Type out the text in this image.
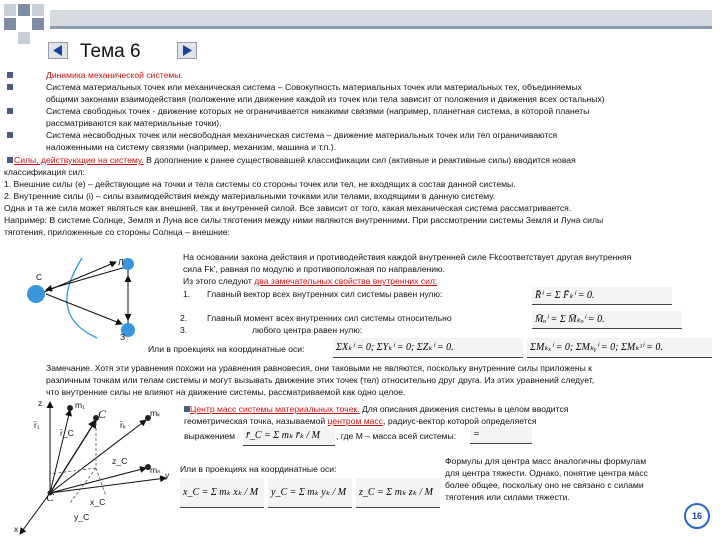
Тема 6
Динамика механической системы.
Система материальных точек или механическая система – Совокупность материальных точек или материальных тех, объединяемых
общими законами взаимодействия (положение или движение каждой из точек или тела зависит от положения и движения всех остальных)
Система свободных точек - движение которых не ограничивается никакими связями (например, планетная система, в которой планеты
рассматриваются как материальные точки).
Система несвободных точек или несвободная механическая система – движение материальных точек или тел ограничиваются
наложенными на систему связями (например, механизм, машина и т.п.).
Силы, действующие на систему. В дополнение к ранее существовавшей классификации сил (активные и реактивные силы) вводится новая
классификация сил:
1. Внешние силы (e) – действующие на точки и тела системы со стороны точек или тел, не входящих в состав данной системы.
2. Внутренние силы (i) – силы взаимодействия между материальными точками или телами, входящими в данную систему.
Одна и та же сила может являться как внешней, так и внутренней силой. Все зависит от того, какая механическая система рассматривается.
Например: В системе Солнце, Земля и Луна все силы тяготения между ними являются внутренними. При рассмотрении системы Земля и Луна силы
тяготения, приложенные со стороны Солнца – внешние:
Л
С
З
На основании закона действия и противодействия каждой внутренней силе Fkсоответствует другая внутренняя
сила Fk', равная по модулю и противоположная по направлению.
Из этого следуют два замечательных свойства внутренних сил:
1. Главный вектор всех внутренних сил системы равен нулю:
2. Главный момент всех внутренних сил системы относительно
3.	любого центра равен нулю:
Или в проекциях на координатные оси:
R̄ⁱ = Σ F̄ₖⁱ = 0.
M̄ₒⁱ = Σ M̄ₖₒⁱ = 0.
ΣXₖⁱ = 0; ΣYₖⁱ = 0; ΣZₖⁱ = 0.	ΣMₖₓⁱ = 0; ΣMₖᵧⁱ = 0; ΣMₖᶻⁱ = 0.
Замечание. Хотя эти уравнения похожи на уравнения равновесия, они таковыми не являются, поскольку внутренние силы приложены к
различным точкам или телам системы и могут вызывать движение этих точек (тел) относительно друг друга. Из этих уравнений следует,
что внутренние силы не влияют на движение системы, рассматриваемой как одно целое.
m₁
mₖ
mₙ
C
r̄₁	r̄ₖ
r̄_C
z
z_C
y
x
C	x_C
y_C
Центр масс системы материальных точек. Для описания движения системы в целом вводится
геометрическая точка, называемой центром масс, радиус-вектор которой определяется
выражением	r̄_C = Σ mₖ r̄ₖ / M	, где M – масса всей системы:	=
Или в проекциях на координатные оси:
x_C = Σ mₖ xₖ / M	y_C = Σ mₖ yₖ / M	z_C = Σ mₖ zₖ / M
Формулы для центра масс аналогичны формулам
для центра тяжести. Однако, понятие центра масс
более общее, поскольку оно не связано с силами
тяготения или силами тяжести.
16
